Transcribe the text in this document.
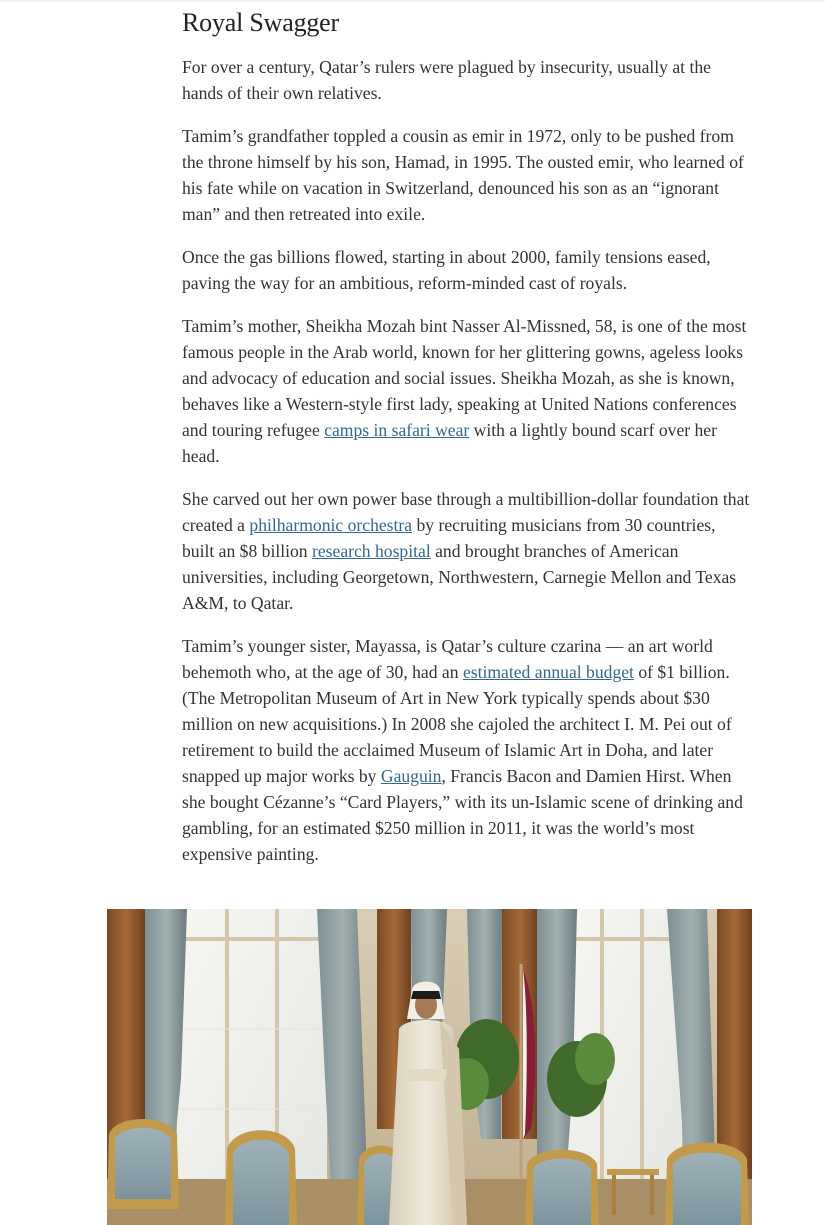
Royal Swagger

For over a century, Qatar’s rulers were plagued by insecurity, usually at the hands of their own relatives.

Tamim’s grandfather toppled a cousin as emir in 1972, only to be pushed from the throne himself by his son, Hamad, in 1995. The ousted emir, who learned of his fate while on vacation in Switzerland, denounced his son as an “ignorant man” and then retreated into exile.

Once the gas billions flowed, starting in about 2000, family tensions eased, paving the way for an ambitious, reform-minded cast of royals.

Tamim’s mother, Sheikha Mozah bint Nasser Al-Missned, 58, is one of the most famous people in the Arab world, known for her glittering gowns, ageless looks and advocacy of education and social issues. Sheikha Mozah, as she is known, behaves like a Western-style first lady, speaking at United Nations conferences and touring refugee camps in safari wear with a lightly bound scarf over her head.

She carved out her own power base through a multibillion-dollar foundation that created a philharmonic orchestra by recruiting musicians from 30 countries, built an $8 billion research hospital and brought branches of American universities, including Georgetown, Northwestern, Carnegie Mellon and Texas A&M, to Qatar.

Tamim’s younger sister, Mayassa, is Qatar’s culture czarina — an art world behemoth who, at the age of 30, had an estimated annual budget of $1 billion. (The Metropolitan Museum of Art in New York typically spends about $30 million on new acquisitions.) In 2008 she cajoled the architect I. M. Pei out of retirement to build the acclaimed Museum of Islamic Art in Doha, and later snapped up major works by Gauguin, Francis Bacon and Damien Hirst. When she bought Cézanne’s “Card Players,” with its un-Islamic scene of drinking and gambling, for an estimated $250 million in 2011, it was the world’s most expensive painting.
